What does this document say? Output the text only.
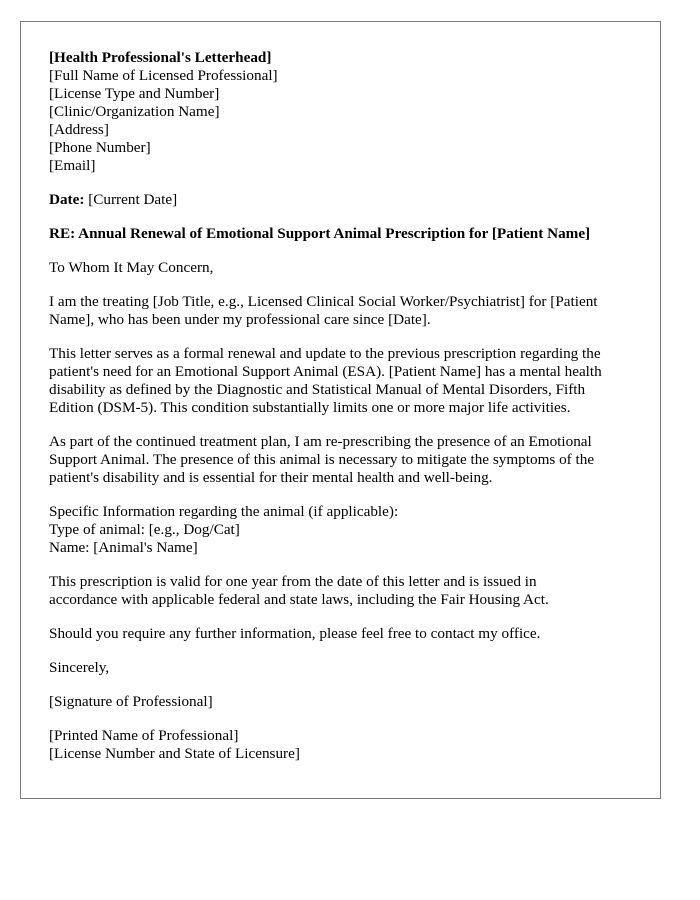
[Health Professional's Letterhead]
[Full Name of Licensed Professional]
[License Type and Number]
[Clinic/Organization Name]
[Address]
[Phone Number]
[Email]
Date: [Current Date]
RE: Annual Renewal of Emotional Support Animal Prescription for [Patient Name]
To Whom It May Concern,
I am the treating [Job Title, e.g., Licensed Clinical Social Worker/Psychiatrist] for [Patient
Name], who has been under my professional care since [Date].
This letter serves as a formal renewal and update to the previous prescription regarding the
patient's need for an Emotional Support Animal (ESA). [Patient Name] has a mental health
disability as defined by the Diagnostic and Statistical Manual of Mental Disorders, Fifth
Edition (DSM-5). This condition substantially limits one or more major life activities.
As part of the continued treatment plan, I am re-prescribing the presence of an Emotional
Support Animal. The presence of this animal is necessary to mitigate the symptoms of the
patient's disability and is essential for their mental health and well-being.
Specific Information regarding the animal (if applicable):
Type of animal: [e.g., Dog/Cat]
Name: [Animal's Name]
This prescription is valid for one year from the date of this letter and is issued in
accordance with applicable federal and state laws, including the Fair Housing Act.
Should you require any further information, please feel free to contact my office.
Sincerely,
[Signature of Professional]
[Printed Name of Professional]
[License Number and State of Licensure]
